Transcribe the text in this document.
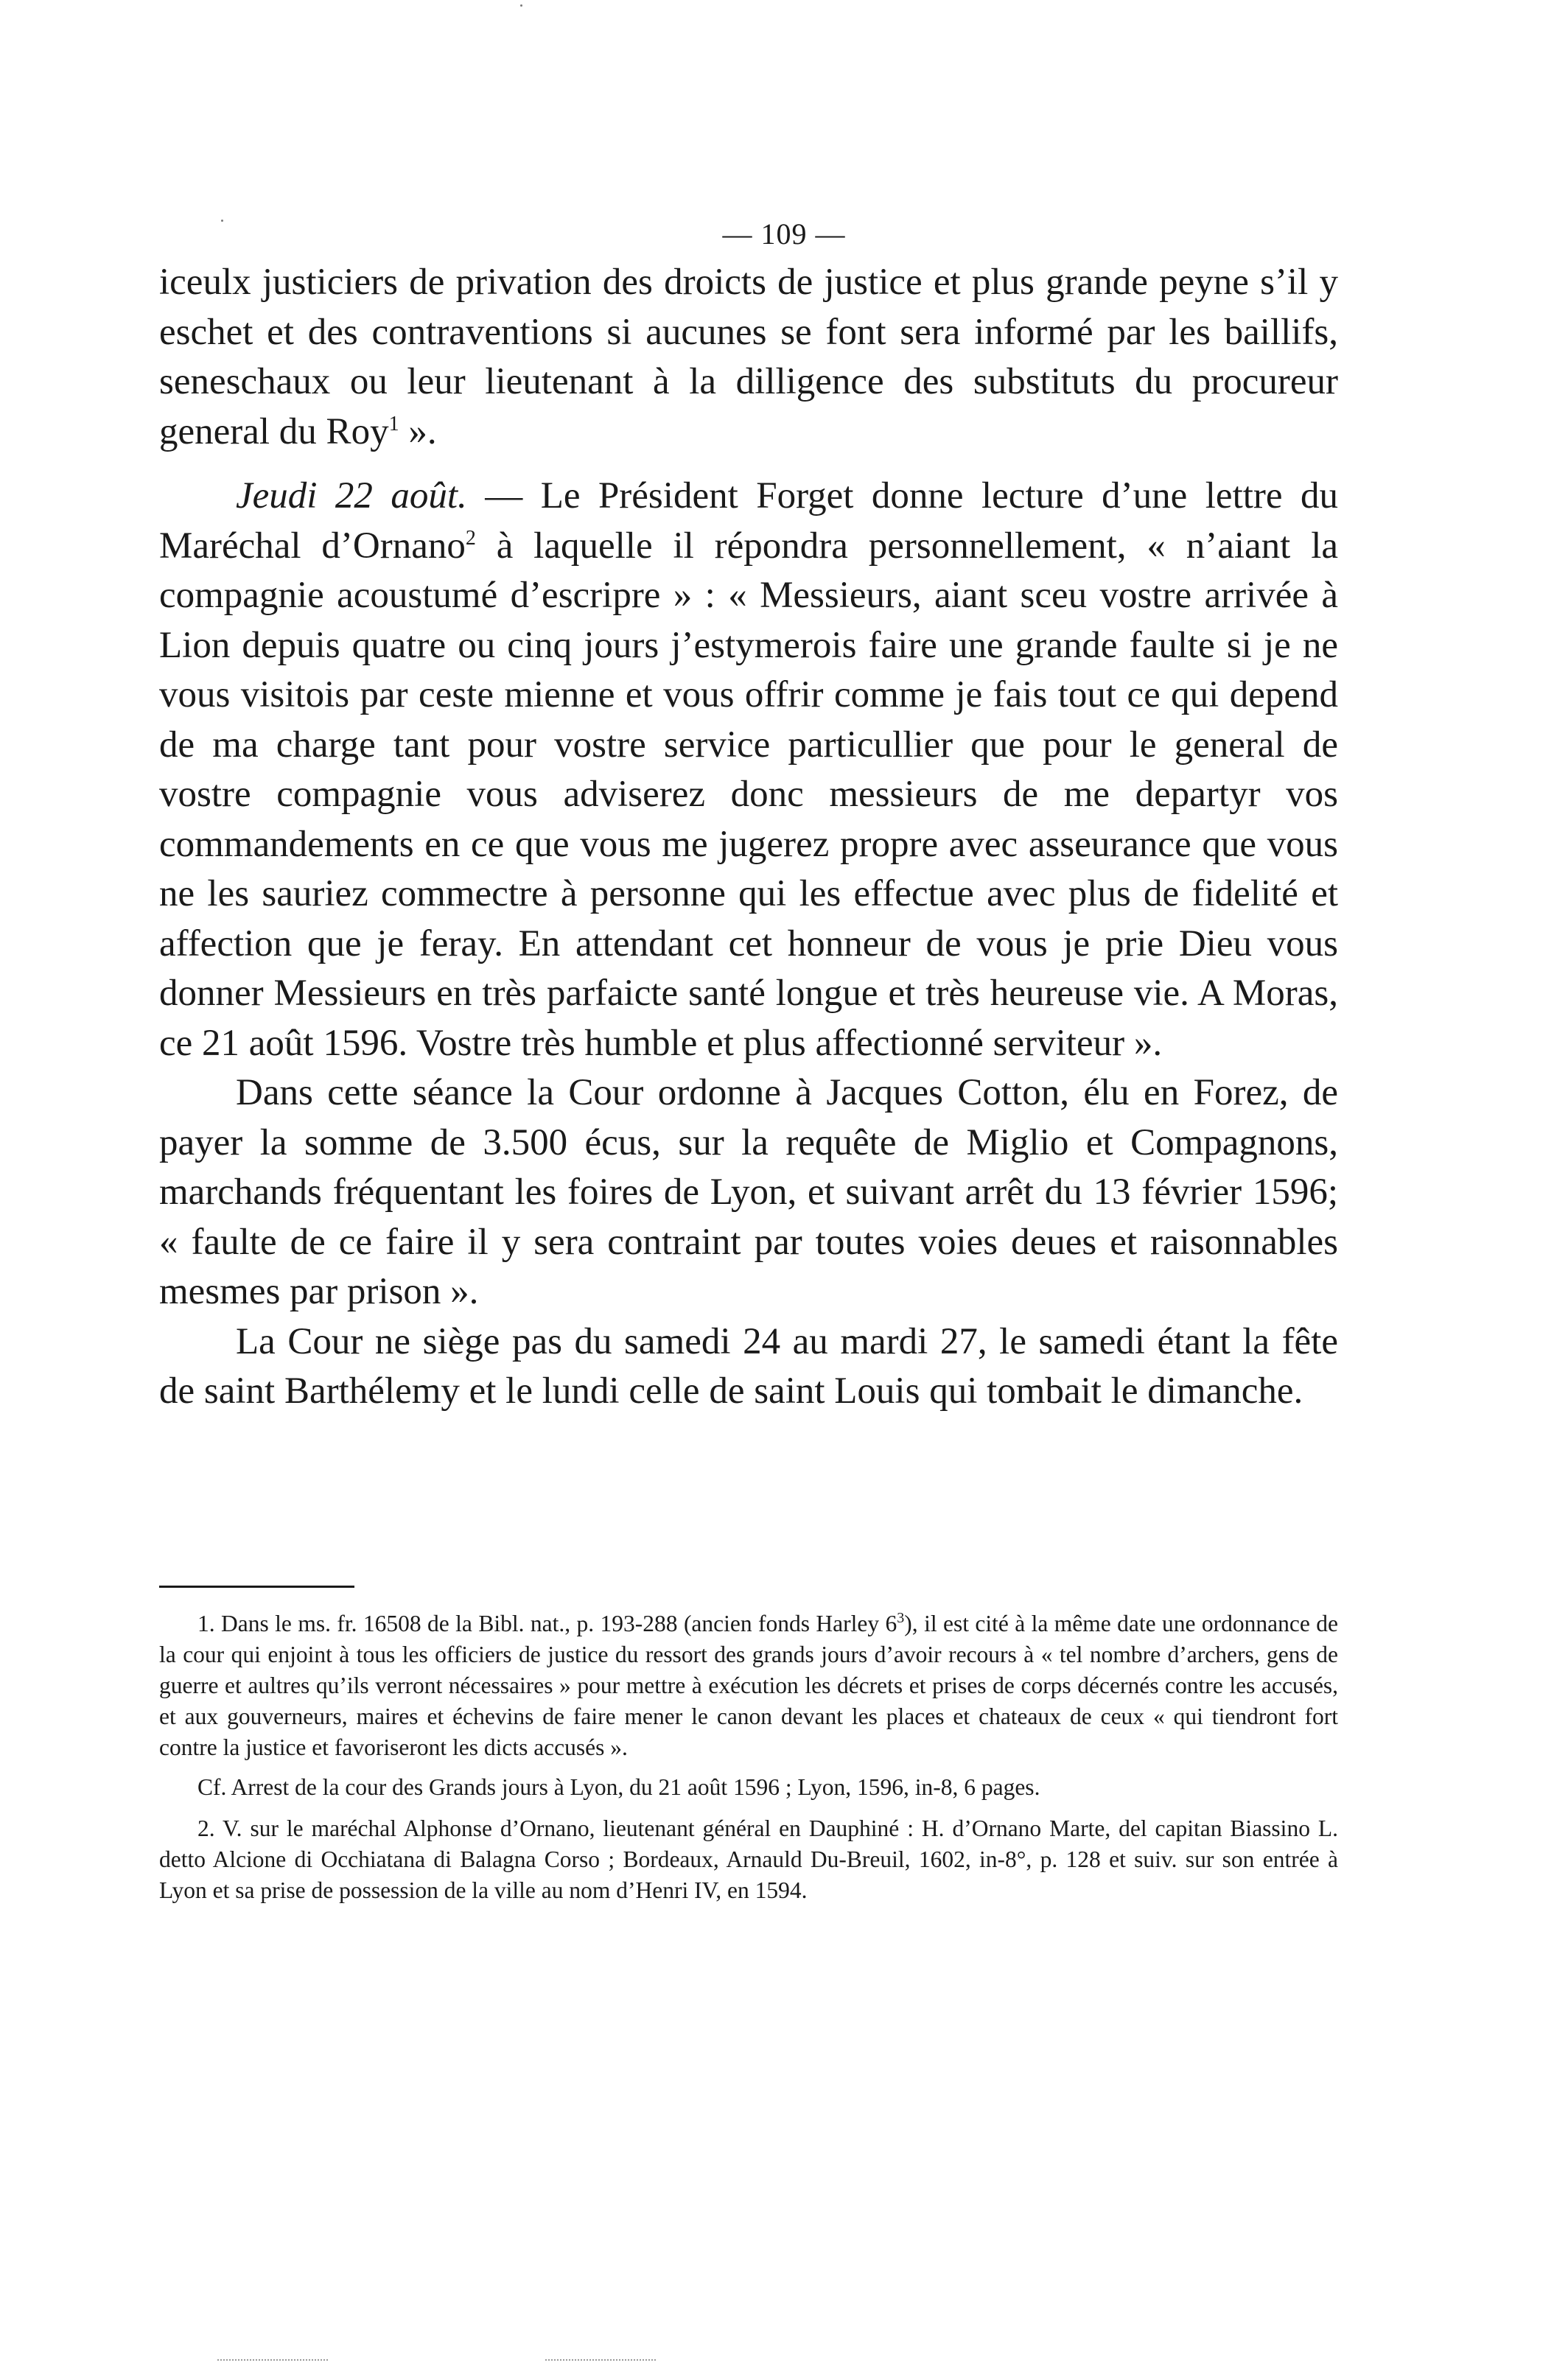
— 109 —

iceulx justiciers de privation des droicts de justice et plus grande peyne s’il y eschet et des contraventions si aucunes se font sera informé par les baillifs, seneschaux ou leur lieutenant à la dilligence des substituts du procureur general du Roy$^1$ ».

Jeudi 22 août. — Le Président Forget donne lecture d’une lettre du Maréchal d’Ornano$^2$ à laquelle il répondra personnellement, « n’aiant la compagnie acoustumé d’escripre » : « Messieurs, aiant sceu vostre arrivée à Lion depuis quatre ou cinq jours j’estymerois faire une grande faulte si je ne vous visitois par ceste mienne et vous offrir comme je fais tout ce qui depend de ma charge tant pour vostre service particullier que pour le general de vostre compagnie vous adviserez donc messieurs de me departyr vos commandements en ce que vous me jugerez propre avec asseurance que vous ne les sauriez commectre à personne qui les effectue avec plus de fidelité et affection que je feray. En attendant cet honneur de vous je prie Dieu vous donner Messieurs en très parfaicte santé longue et très heureuse vie. A Moras, ce 21 août 1596. Vostre très humble et plus affectionné serviteur ».

Dans cette séance la Cour ordonne à Jacques Cotton, élu en Forez, de payer la somme de 3.500 écus, sur la requête de Miglio et Compagnons, marchands fréquentant les foires de Lyon, et suivant arrêt du 13 février 1596; « faulte de ce faire il y sera contraint par toutes voies deues et raisonnables mesmes par prison ».

La Cour ne siège pas du samedi 24 au mardi 27, le samedi étant la fête de saint Barthélemy et le lundi celle de saint Louis qui tombait le dimanche.

1. Dans le ms. fr. 16508 de la Bibl. nat., p. 193-288 (ancien fonds Harley $6^3$), il est cité à la même date une ordonnance de la cour qui enjoint à tous les officiers de justice du ressort des grands jours d’avoir recours à « tel nombre d’archers, gens de guerre et aultres qu’ils verront nécessaires » pour mettre à exécution les décrets et prises de corps décernés contre les accusés, et aux gouverneurs, maires et échevins de faire mener le canon devant les places et chateaux de ceux « qui tiendront fort contre la justice et favoriseront les dicts accusés ».

Cf. Arrest de la cour des Grands jours à Lyon, du 21 août 1596 ; Lyon, 1596, in-8, 6 pages.

2. V. sur le maréchal Alphonse d’Ornano, lieutenant général en Dauphiné : H. d’Ornano Marte, del capitan Biassino L. detto Alcione di Occhiatana di Balagna Corso ; Bordeaux, Arnauld Du-Breuil, 1602, in-8°, p. 128 et suiv. sur son entrée à Lyon et sa prise de possession de la ville au nom d’Henri IV, en 1594.
